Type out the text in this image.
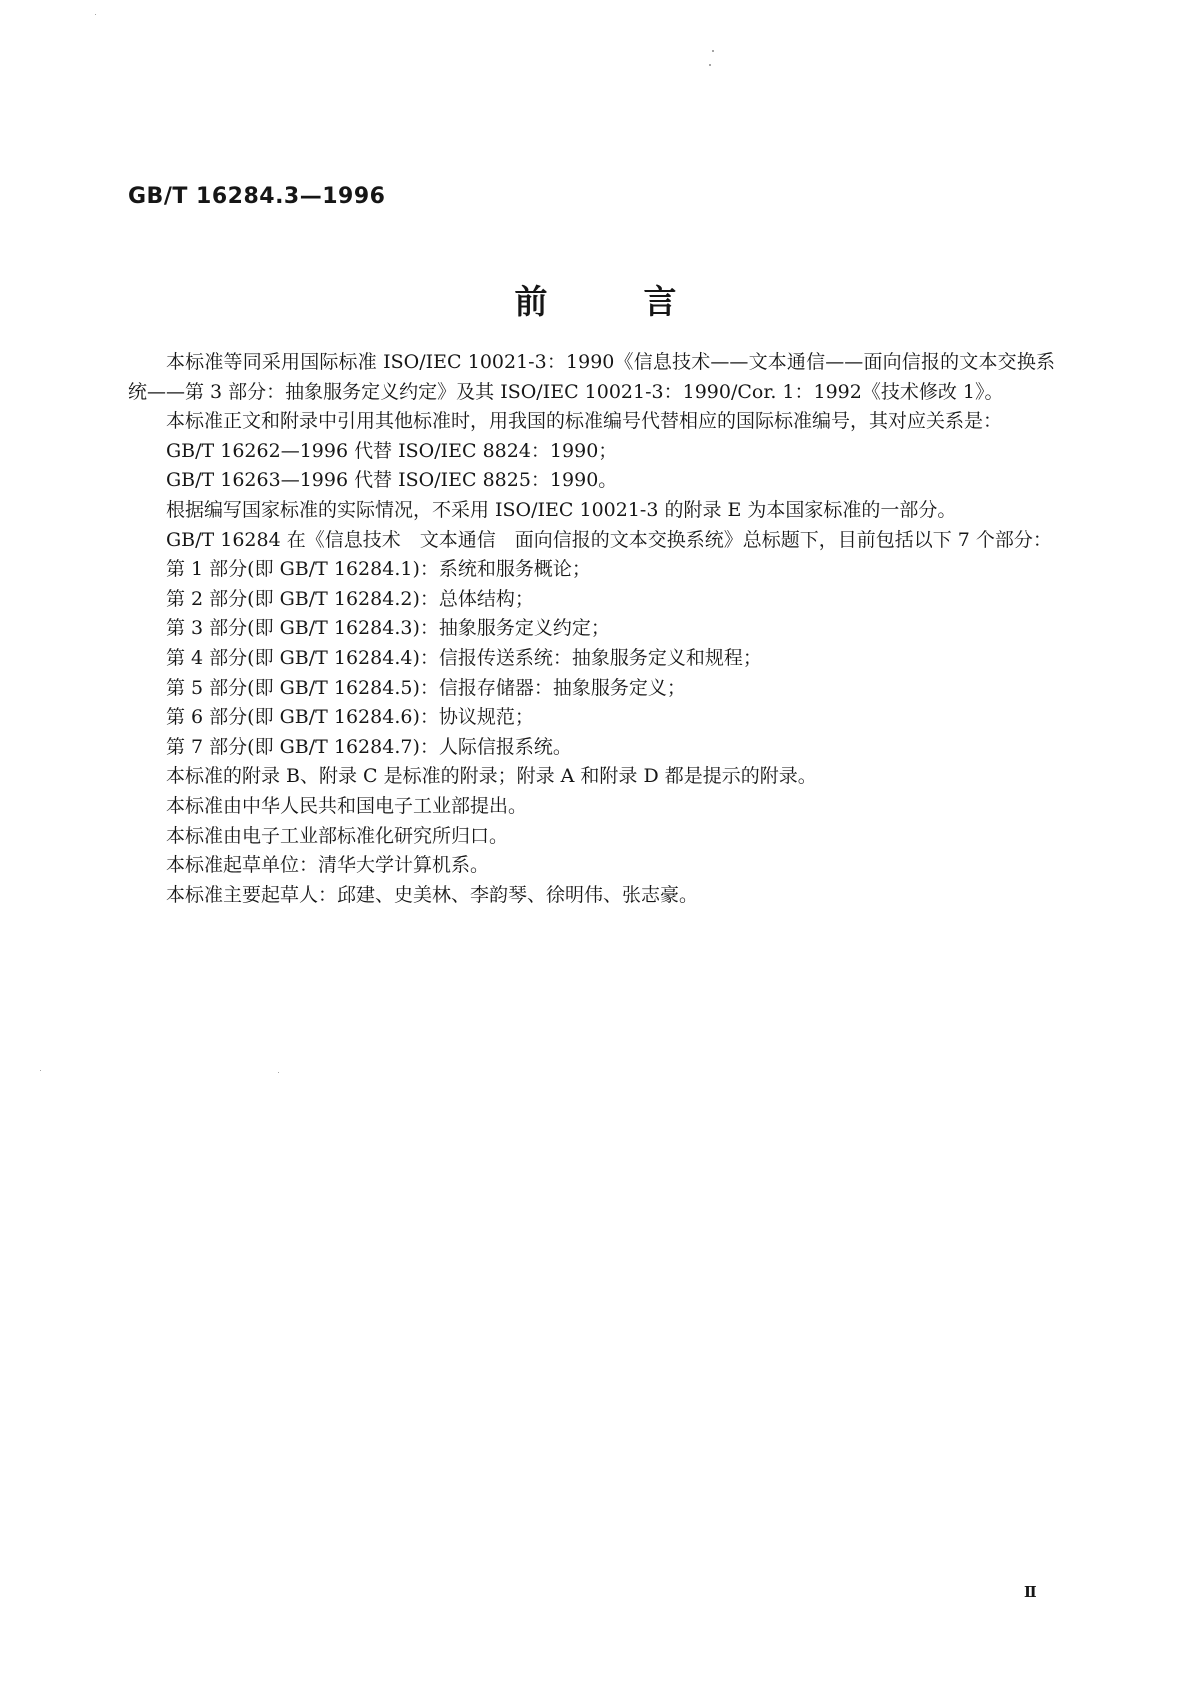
GB/T 16284.3—1996
前言

本标准等同采用国际标准 ISO/IEC 10021-3：1990《信息技术——文本通信——面向信报的文本交换系统——第 3 部分：抽象服务定义约定》及其 ISO/IEC 10021-3：1990/Cor. 1：1992《技术修改 1》。

本标准正文和附录中引用其他标准时，用我国的标准编号代替相应的国际标准编号，其对应关系是：

GB/T 16262—1996 代替 ISO/IEC 8824：1990；

GB/T 16263—1996 代替 ISO/IEC 8825：1990。

根据编写国家标准的实际情况，不采用 ISO/IEC 10021-3 的附录 E 为本国家标准的一部分。

GB/T 16284 在《信息技术　文本通信　面向信报的文本交换系统》总标题下，目前包括以下 7 个部分：

第 1 部分(即 GB/T 16284.1)：系统和服务概论；

第 2 部分(即 GB/T 16284.2)：总体结构；

第 3 部分(即 GB/T 16284.3)：抽象服务定义约定；

第 4 部分(即 GB/T 16284.4)：信报传送系统：抽象服务定义和规程；

第 5 部分(即 GB/T 16284.5)：信报存储器：抽象服务定义；

第 6 部分(即 GB/T 16284.6)：协议规范；

第 7 部分(即 GB/T 16284.7)：人际信报系统。

本标准的附录 B、附录 C 是标准的附录；附录 A 和附录 D 都是提示的附录。

本标准由中华人民共和国电子工业部提出。

本标准由电子工业部标准化研究所归口。

本标准起草单位：清华大学计算机系。

本标准主要起草人：邱建、史美林、李韵琴、徐明伟、张志豪。

Ⅱ
